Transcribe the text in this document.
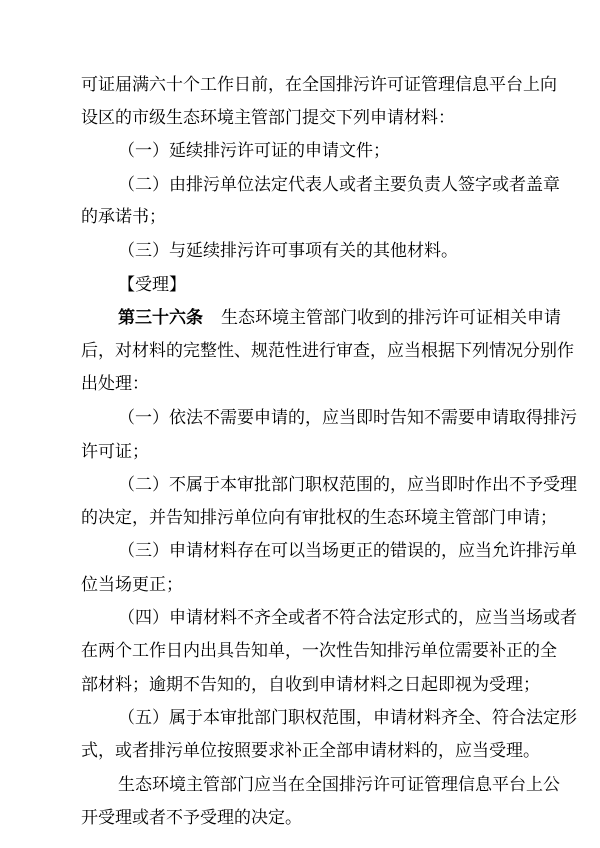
可证届满六十个工作日前，在全国排污许可证管理信息平台上向
设区的市级生态环境主管部门提交下列申请材料：
（一）延续排污许可证的申请文件；
（二）由排污单位法定代表人或者主要负责人签字或者盖章
的承诺书；
（三）与延续排污许可事项有关的其他材料。
【受理】
第三十六条 生态环境主管部门收到的排污许可证相关申请
后，对材料的完整性、规范性进行审查，应当根据下列情况分别作
出处理：
（一）依法不需要申请的，应当即时告知不需要申请取得排污
许可证；
（二）不属于本审批部门职权范围的，应当即时作出不予受理
的决定，并告知排污单位向有审批权的生态环境主管部门申请；
（三）申请材料存在可以当场更正的错误的，应当允许排污单
位当场更正；
（四）申请材料不齐全或者不符合法定形式的，应当当场或者
在两个工作日内出具告知单，一次性告知排污单位需要补正的全
部材料；逾期不告知的，自收到申请材料之日起即视为受理；
（五）属于本审批部门职权范围，申请材料齐全、符合法定形
式，或者排污单位按照要求补正全部申请材料的，应当受理。
生态环境主管部门应当在全国排污许可证管理信息平台上公
开受理或者不予受理的决定。
